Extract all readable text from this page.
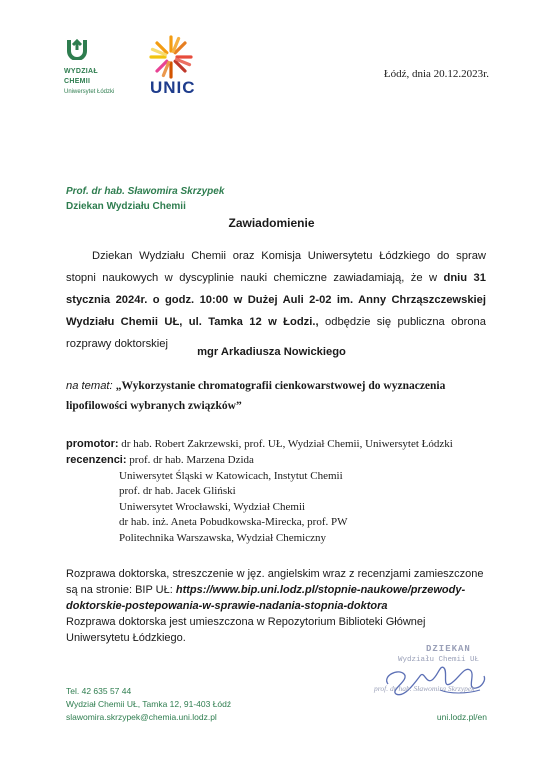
WYDZIAŁ
CHEMII
Uniwersytet Łódzki UNIC
Łódź, dnia 20.12.2023r.
Prof. dr hab. Sławomira Skrzypek
Dziekan Wydziału Chemii
Zawiadomienie
Dziekan Wydziału Chemii oraz Komisja Uniwersytetu Łódzkiego do spraw stopni naukowych w dyscyplinie nauki chemiczne zawiadamiają, że w dniu 31 stycznia 2024r. o godz. 10:00 w Dużej Auli 2-02 im. Anny Chrząszczewskiej Wydziału Chemii UŁ, ul. Tamka 12 w Łodzi., odbędzie się publiczna obrona rozprawy doktorskiej
mgr Arkadiusza Nowickiego
na temat: „Wykorzystanie chromatografii cienkowarstwowej do wyznaczenia lipofilowości wybranych związków”
promotor: dr hab. Robert Zakrzewski, prof. UŁ, Wydział Chemii, Uniwersytet Łódzki
recenzenci: prof. dr hab. Marzena Dzida
Uniwersytet Śląski w Katowicach, Instytut Chemii
prof. dr hab. Jacek Gliński
Uniwersytet Wrocławski, Wydział Chemii
dr hab. inż. Aneta Pobudkowska-Mirecka, prof. PW
Politechnika Warszawska, Wydział Chemiczny
Rozprawa doktorska, streszczenie w jęz. angielskim wraz z recenzjami zamieszczone są na stronie: BIP UŁ: https://www.bip.uni.lodz.pl/stopnie-naukowe/przewody-doktorskie-postepowania-w-sprawie-nadania-stopnia-doktora
Rozprawa doktorska jest umieszczona w Repozytorium Biblioteki Głównej Uniwersytetu Łódzkiego.
DZIEKAN
Wydziału Chemii UŁ
prof. dr hab. Sławomira Skrzypek
Tel. 42 635 57 44
Wydział Chemii UŁ, Tamka 12, 91-403 Łódź
slawomira.skrzypek@chemia.uni.lodz.pl	uni.lodz.pl/en
